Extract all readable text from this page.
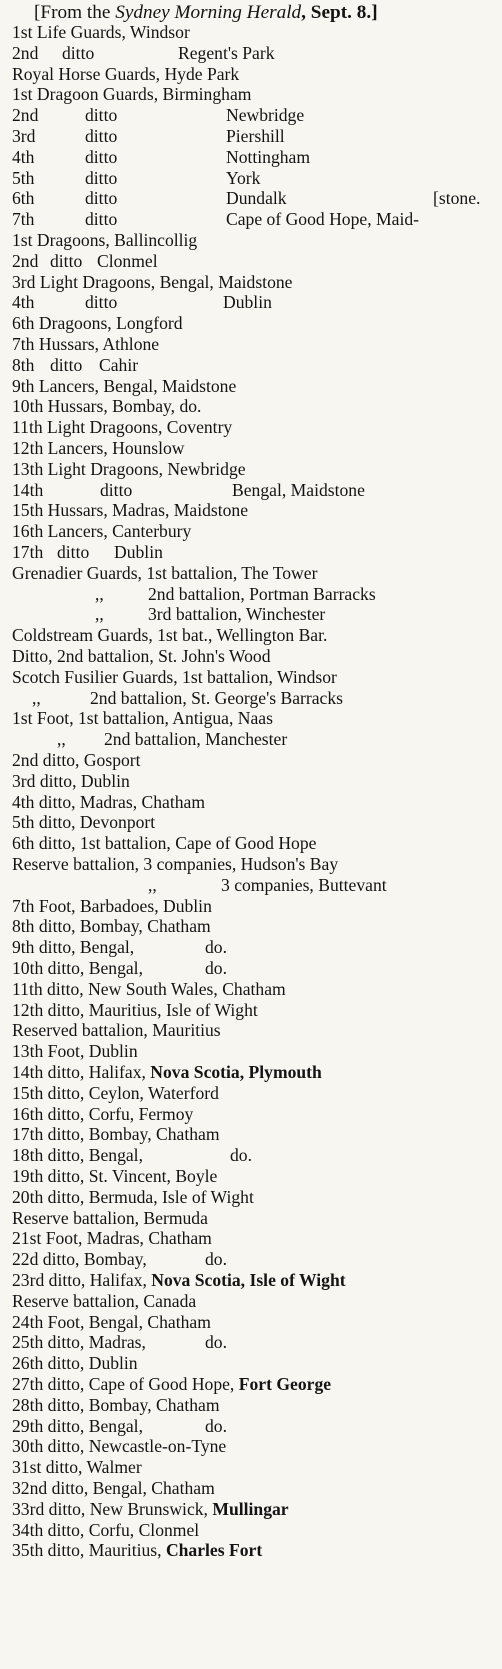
[From the Sydney Morning Herald, Sept. 8.]
1st Life Guards, Windsor
2nd ditto	Regent's Park
Royal Horse Guards, Hyde Park
1st Dragoon Guards, Birmingham
2nd	ditto	Newbridge
3rd	ditto	Piershill
4th	ditto	Nottingham
5th	ditto	York
6th	ditto	Dundalk	[stone.
7th	ditto	Cape of Good Hope, Maid-
1st Dragoons, Ballincollig
2nd ditto Clonmel
3rd Light Dragoons, Bengal, Maidstone
4th	ditto	Dublin
6th Dragoons, Longford
7th Hussars, Athlone
8th ditto Cahir
9th Lancers, Bengal, Maidstone
10th Hussars, Bombay, do.
11th Light Dragoons, Coventry
12th Lancers, Hounslow
13th Light Dragoons, Newbridge
14th	ditto	Bengal, Maidstone
15th Hussars, Madras, Maidstone
16th Lancers, Canterbury
17th ditto Dublin
Grenadier Guards, 1st battalion, The Tower
,,	2nd battalion, Portman Barracks
,,	3rd battalion, Winchester
Coldstream Guards, 1st bat., Wellington Bar.
Ditto, 2nd battalion, St. John's Wood
Scotch Fusilier Guards, 1st battalion, Windsor
,,	2nd battalion, St. George's Barracks
1st Foot, 1st battalion, Antigua, Naas
,, 2nd battalion, Manchester
2nd ditto, Gosport
3rd ditto, Dublin
4th ditto, Madras, Chatham
5th ditto, Devonport
6th ditto, 1st battalion, Cape of Good Hope
Reserve battalion, 3 companies, Hudson's Bay
,,	3 companies, Buttevant
7th Foot, Barbadoes, Dublin
8th ditto, Bombay, Chatham
9th ditto, Bengal,	do.
10th ditto, Bengal,	do.
11th ditto, New South Wales, Chatham
12th ditto, Mauritius, Isle of Wight
Reserved battalion, Mauritius
13th Foot, Dublin
14th ditto, Halifax, Nova Scotia, Plymouth
15th ditto, Ceylon, Waterford
16th ditto, Corfu, Fermoy
17th ditto, Bombay, Chatham
18th ditto, Bengal,	do.
19th ditto, St. Vincent, Boyle
20th ditto, Bermuda, Isle of Wight
Reserve battalion, Bermuda
21st Foot, Madras, Chatham
22d ditto, Bombay,	do.
23rd ditto, Halifax, Nova Scotia, Isle of Wight
Reserve battalion, Canada
24th Foot, Bengal, Chatham
25th ditto, Madras,	do.
26th ditto, Dublin
27th ditto, Cape of Good Hope, Fort George
28th ditto, Bombay, Chatham
29th ditto, Bengal,	do.
30th ditto, Newcastle-on-Tyne
31st ditto, Walmer
32nd ditto, Bengal, Chatham
33rd ditto, New Brunswick, Mullingar
34th ditto, Corfu, Clonmel
35th ditto, Mauritius, Charles Fort
